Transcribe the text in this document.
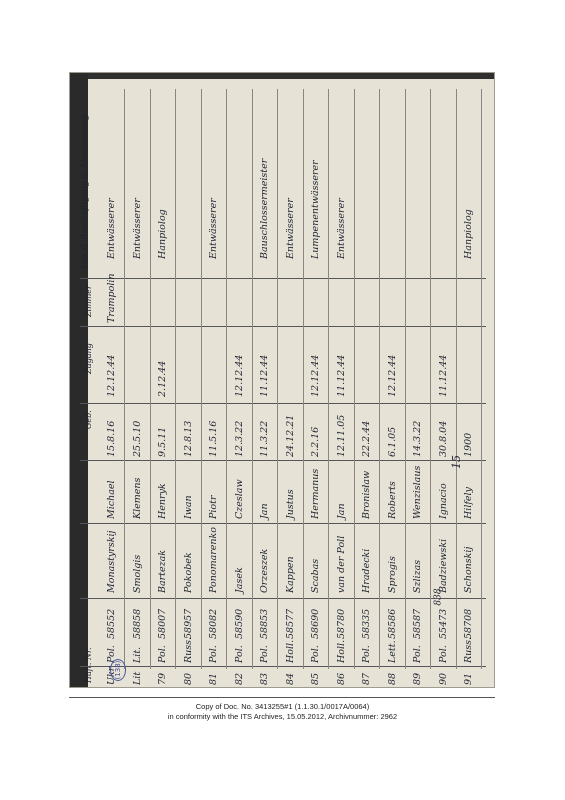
Geb.
Zugang
Zimmer
Fac. d. Beschäftigung u. Abstammung
Ukr
Pol.
58552
Monastyrskij
Michael
15.8.16
12.12.44
Trampolin
Entwässerer
Lit
Lit.
58858
Smolgis
Klemens
25.5.10
Entwässerer
79
Pol.
58007
Bartezak
Henryk
9.5.11
2.12.44
Hanpiolog
80
Russ.
58957
Pokobek
Iwan
12.8.13
81
Pol.
58082
Ponomarenko
Piotr
11.5.16
Entwässerer
82
Pol.
58590
Jasek
Czeslaw
12.3.22
12.12.44
83
Pol.
58853
Orzeszek
Jan
11.3.22
11.12.44
Bauschlossermeister
84
Holl.
58577
Kappen
Justus
24.12.21
Entwässerer
85
Pol.
58690
Scabas
Hermanus
2.2.16
12.12.44
Lumpenentwässerer
86
Holl.
58780
van der Poll
Jan
12.11.05
11.12.44
Entwässerer
87
Pol.
58335
Hradecki
Bronisław
22.2.44
88
Lett.
58586
Sprogis
Roberts
6.1.05
12.12.44
89
Pol.
58587
Szlizas
Wenzislaus
14.3.22
90
Pol.
55473
Badziewski
Ignacio
30.8.04
11.12.44
91
Russ.
58708
Schonskij
Hilfely
1900
Hanpiolog
(138)
15
838
Copy of Doc. No. 3413255#1 (1.1.30.1/0017A/0064)
in conformity with the ITS Archives, 15.05.2012, Archivnummer: 2962
